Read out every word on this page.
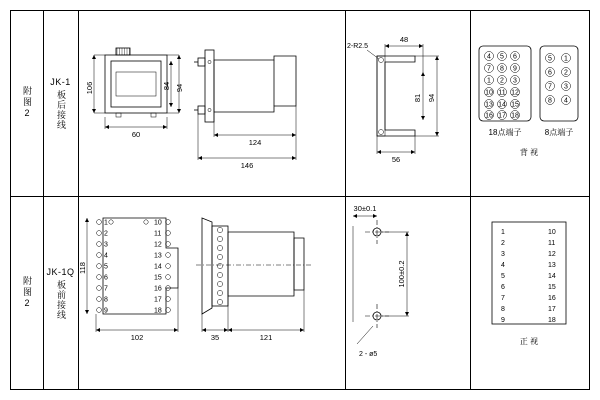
附图2
JK-1
板后接线
106	94
84
60
124
146
2-R2.5
48
81 94
56
4 5 6
7 8 9
1 2 3
10 11 12
13 14 15
16 17 18
5 1
6 2
7 3
8 4
18点端子	8点端子
背 视
附图2
JK-1Q
板前接线
1
2
3
4
5
6
7
8
9
10
11
12
13
14
15
16
17
18
118
102	35	121
30±0.1
100±0.2
2 - ø5
1	10
2	11
3	12
4	13
5	14
6	15
7	16
8	17
9	18
正 视
